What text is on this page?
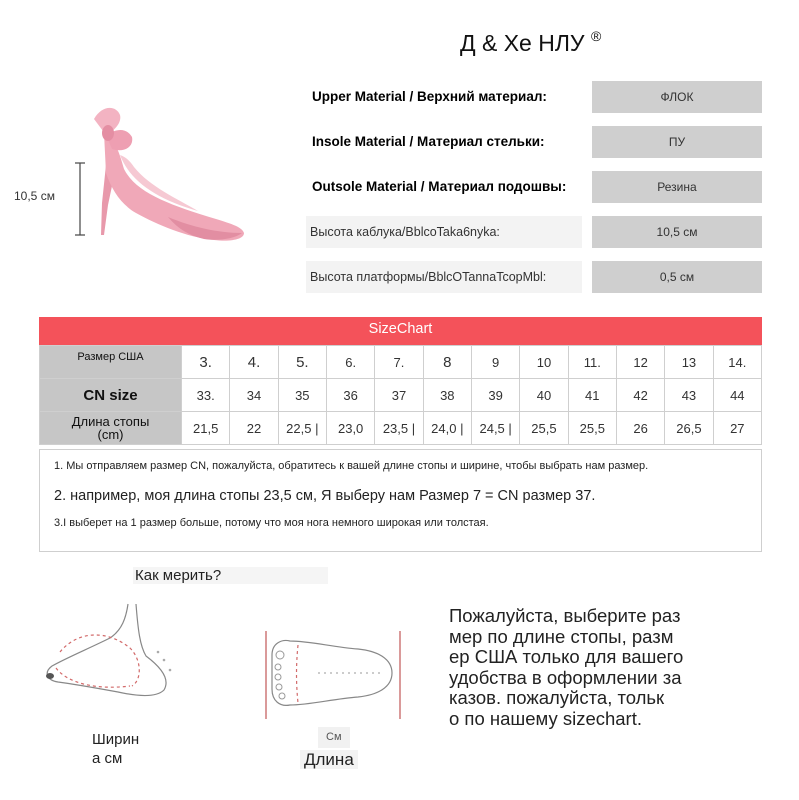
Д & Хе НЛУ ®
10,5 см
Upper Material / Верхний материал:	ФЛОК
Insole Material / Материал стельки:	ПУ
Outsole Material / Материал подошвы:	Резина
Высота каблука/BblcoTaka6nyka:	10,5 см
Высота платформы/BblcOTannaTcopMbl:	0,5 см
SizeChart
Размер США	3.	4.	5.	6.	7.	8	9	10	11.	12	13	14.
CN size	33.	34	35	36	37	38	39	40	41	42	43	44

Длина стопы
(cm)	21,5	22	22,5 |	23,0	23,5 |	24,0 |	24,5 |	25,5	25,5	26	26,5	27
1. Мы отправляем размер CN, пожалуйста, обратитесь к вашей длине стопы и ширине, чтобы выбрать нам размер.
2. например, моя длина стопы 23,5 см, Я выберу нам Размер 7 = CN размер 37.
3.I выберет на 1 размер больше, потому что моя нога немного широкая или толстая.
Как мерить?
Ширин
а см
См
Длина
Пожалуйста, выберите раз
мер по длине стопы, разм
ер США только для вашего
удобства в оформлении за
казов. пожалуйста, тольк
о по нашему sizechart.
